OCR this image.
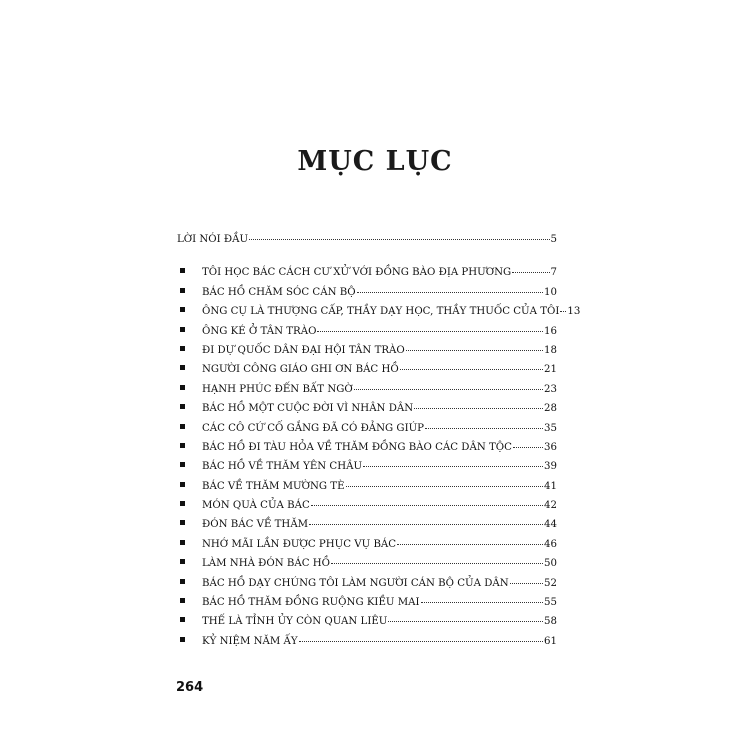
MỤC LỤC
LỜI NÓI ĐẦU	5
TÔI HỌC BÁC CÁCH CƯ XỬ VỚI ĐỒNG BÀO ĐỊA PHƯƠNG	7
BÁC HỒ CHĂM SÓC CÁN BỘ	10
ÔNG CỤ LÀ THƯỢNG CẤP, THẦY DẠY HỌC, THẦY THUỐC CỦA TÔI 13
ÔNG KÉ Ở TÂN TRÀO	16
ĐI DỰ QUỐC DÂN ĐẠI HỘI TÂN TRÀO	18
NGƯỜI CÔNG GIÁO GHI ƠN BÁC HỒ	21
HẠNH PHÚC ĐẾN BẤT NGỜ	23
BÁC HỒ MỘT CUỘC ĐỜI VÌ NHÂN DÂN	28
CÁC CÔ CỨ CỐ GẮNG ĐÃ CÓ ĐẢNG GIÚP	35
BÁC HỒ ĐI TÀU HỎA VỀ THĂM ĐỒNG BÀO CÁC DÂN TỘC	36
BÁC HỒ VỀ THĂM YÊN CHÂU	39
BÁC VỀ THĂM MƯỜNG TÈ	41
MÓN QUÀ CỦA BÁC	42
ĐÓN BÁC VỀ THĂM	44
NHỚ MÃI LẦN ĐƯỢC PHỤC VỤ BÁC	46
LÀM NHÀ ĐÓN BÁC HỒ	50
BÁC HỒ DẠY CHÚNG TÔI LÀM NGƯỜI CÁN BỘ CỦA DÂN	52
BÁC HỒ THĂM ĐỒNG RUỘNG KIỀU MAI	55
THẾ LÀ TỈNH ỦY CÒN QUAN LIÊU	58
KỶ NIỆM NĂM ẤY	61
264
